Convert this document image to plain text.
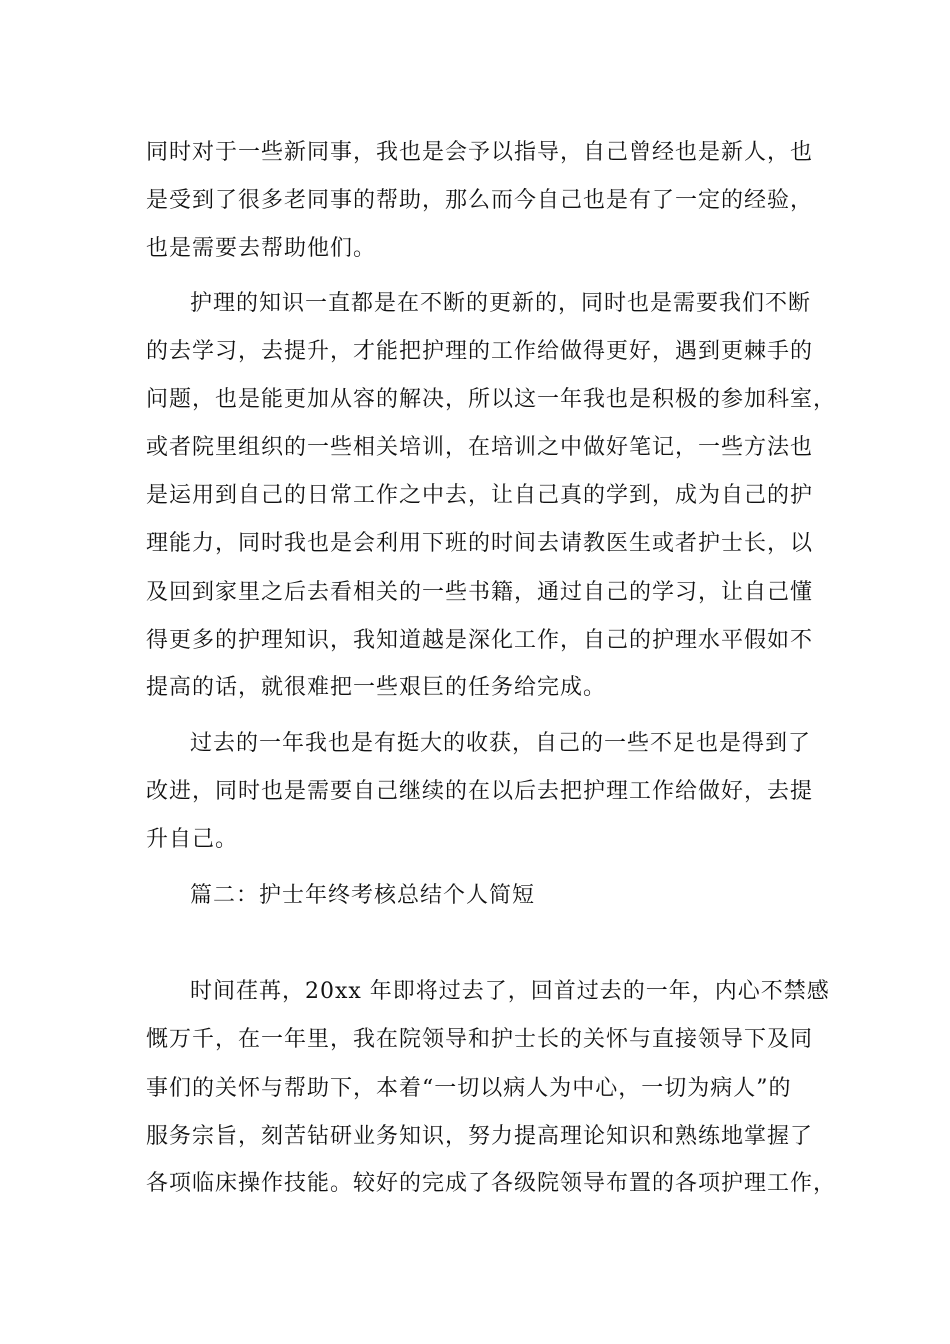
同时对于一些新同事，我也是会予以指导，自己曾经也是新人，也
是受到了很多老同事的帮助，那么而今自己也是有了一定的经验，
也是需要去帮助他们。
护理的知识一直都是在不断的更新的，同时也是需要我们不断
的去学习，去提升，才能把护理的工作给做得更好，遇到更棘手的
问题，也是能更加从容的解决，所以这一年我也是积极的参加科室，
或者院里组织的一些相关培训，在培训之中做好笔记，一些方法也
是运用到自己的日常工作之中去，让自己真的学到，成为自己的护
理能力，同时我也是会利用下班的时间去请教医生或者护士长，以
及回到家里之后去看相关的一些书籍，通过自己的学习，让自己懂
得更多的护理知识，我知道越是深化工作，自己的护理水平假如不
提高的话，就很难把一些艰巨的任务给完成。
过去的一年我也是有挺大的收获，自己的一些不足也是得到了
改进，同时也是需要自己继续的在以后去把护理工作给做好，去提
升自己。
篇二：护士年终考核总结个人简短
时间荏苒，20xx 年即将过去了，回首过去的一年，内心不禁感
慨万千，在一年里，我在院领导和护士长的关怀与直接领导下及同
事们的关怀与帮助下，本着“一切以病人为中心，一切为病人”的
服务宗旨，刻苦钻研业务知识，努力提高理论知识和熟练地掌握了
各项临床操作技能。较好的完成了各级院领导布置的各项护理工作，
